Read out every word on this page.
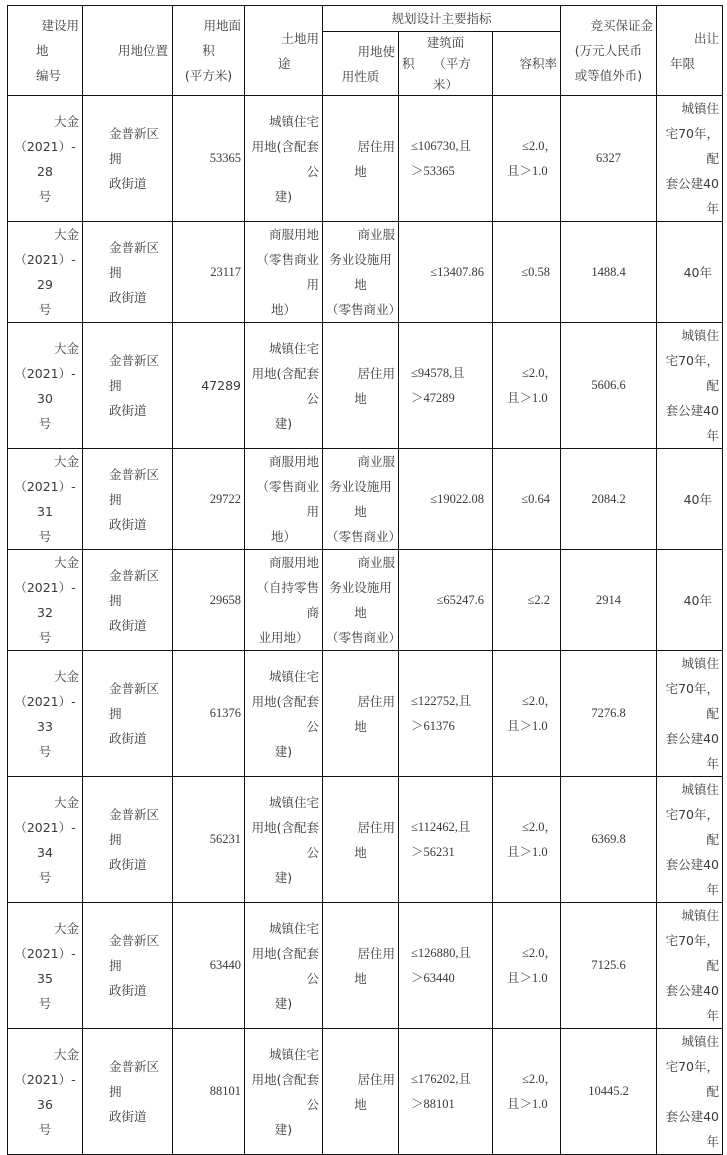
建设用
地
编号	用地位置	用地面
积
(平方米)	土地用
途	规划设计主要指标			竞买保证金
(万元人民币
或等值外币)	出让
年限

				用地使
用性质	建筑面
积　　（平方
米）	容积率		

大金
（2021）-28
号	金普新区拥
政街道	53365	城镇住宅
用地(含配套公
建)	居住用
地	≤106730,且
＞53365	≤2.0，
且＞1.0	6327	城镇住
宅70年，配
套公建40年

大金
（2021）-29
号	金普新区拥
政街道	23117	商服用地
（零售商业用
地）	商业服
务业设施用地
（零售商业）	≤13407.86	≤0.58	1488.4	40年

大金
（2021）-30
号	金普新区拥
政街道	47289	城镇住宅
用地(含配套公
建)	居住用
地	≤94578,且
＞47289	≤2.0，
且＞1.0	5606.6	城镇住
宅70年，配
套公建40年

大金
（2021）-31
号	金普新区拥
政街道	29722	商服用地
（零售商业用
地）	商业服
务业设施用地
（零售商业）	≤19022.08	≤0.64	2084.2	40年

大金
（2021）-32
号	金普新区拥
政街道	29658	商服用地
（自持零售商
业用地）	商业服
务业设施用地
（零售商业）	≤65247.6	≤2.2	2914	40年

大金
（2021）-33
号	金普新区拥
政街道	61376	城镇住宅
用地(含配套公
建)	居住用
地	≤122752,且
＞61376	≤2.0，
且＞1.0	7276.8	城镇住
宅70年，配
套公建40年

大金
（2021）-34
号	金普新区拥
政街道	56231	城镇住宅
用地(含配套公
建)	居住用
地	≤112462,且
＞56231	≤2.0，
且＞1.0	6369.8	城镇住
宅70年，配
套公建40年

大金
（2021）-35
号	金普新区拥
政街道	63440	城镇住宅
用地(含配套公
建)	居住用
地	≤126880,且
＞63440	≤2.0，
且＞1.0	7125.6	城镇住
宅70年，配
套公建40年

大金
（2021）-36
号	金普新区拥
政街道	88101	城镇住宅
用地(含配套公
建)	居住用
地	≤176202,且
＞88101	≤2.0，
且＞1.0	10445.2	城镇住
宅70年，配
套公建40年
